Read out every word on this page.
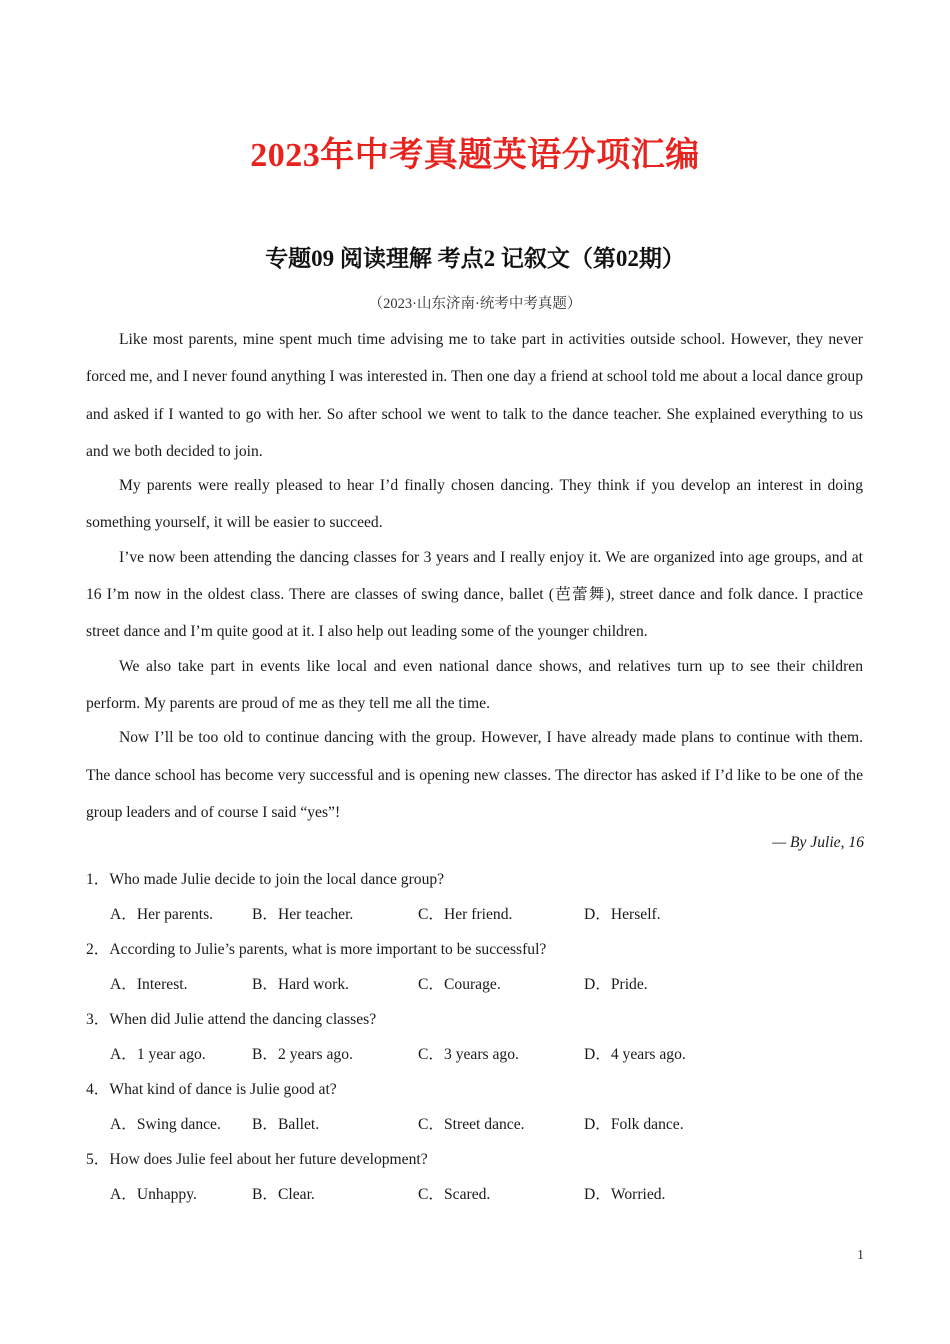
2023年中考真题英语分项汇编
专题09 阅读理解 考点2 记叙文（第02期）
（2023·山东济南·统考中考真题）

Like most parents, mine spent much time advising me to take part in activities outside school. However, they never forced me, and I never found anything I was interested in. Then one day a friend at school told me about a local dance group and asked if I wanted to go with her. So after school we went to talk to the dance teacher. She explained everything to us and we both decided to join.

My parents were really pleased to hear I’d finally chosen dancing. They think if you develop an interest in doing something yourself, it will be easier to succeed.

I’ve now been attending the dancing classes for 3 years and I really enjoy it. We are organized into age groups, and at 16 I’m now in the oldest class. There are classes of swing dance, ballet (芭蕾舞), street dance and folk dance. I practice street dance and I’m quite good at it. I also help out leading some of the younger children.

We also take part in events like local and even national dance shows, and relatives turn up to see their children perform. My parents are proud of me as they tell me all the time.

Now I’ll be too old to continue dancing with the group. However, I have already made plans to continue with them. The dance school has become very successful and is opening new classes. The director has asked if I’d like to be one of the group leaders and of course I said “yes”!

— By Julie, 16
1．Who made Julie decide to join the local dance group?
A．Her parents. B．Her teacher.	C．Her friend.	D．Herself.
2．According to Julie’s parents, what is more important to be successful?
A．Interest.	B．Hard work.	C．Courage.	D．Pride.
3．When did Julie attend the dancing classes?
A．1 year ago.	B．2 years ago.	C．3 years ago.	D．4 years ago.
4．What kind of dance is Julie good at?
A．Swing dance. B．Ballet.	C．Street dance.	D．Folk dance.
5．How does Julie feel about her future development?
A．Unhappy.	B．Clear.	C．Scared.	D．Worried.
1
